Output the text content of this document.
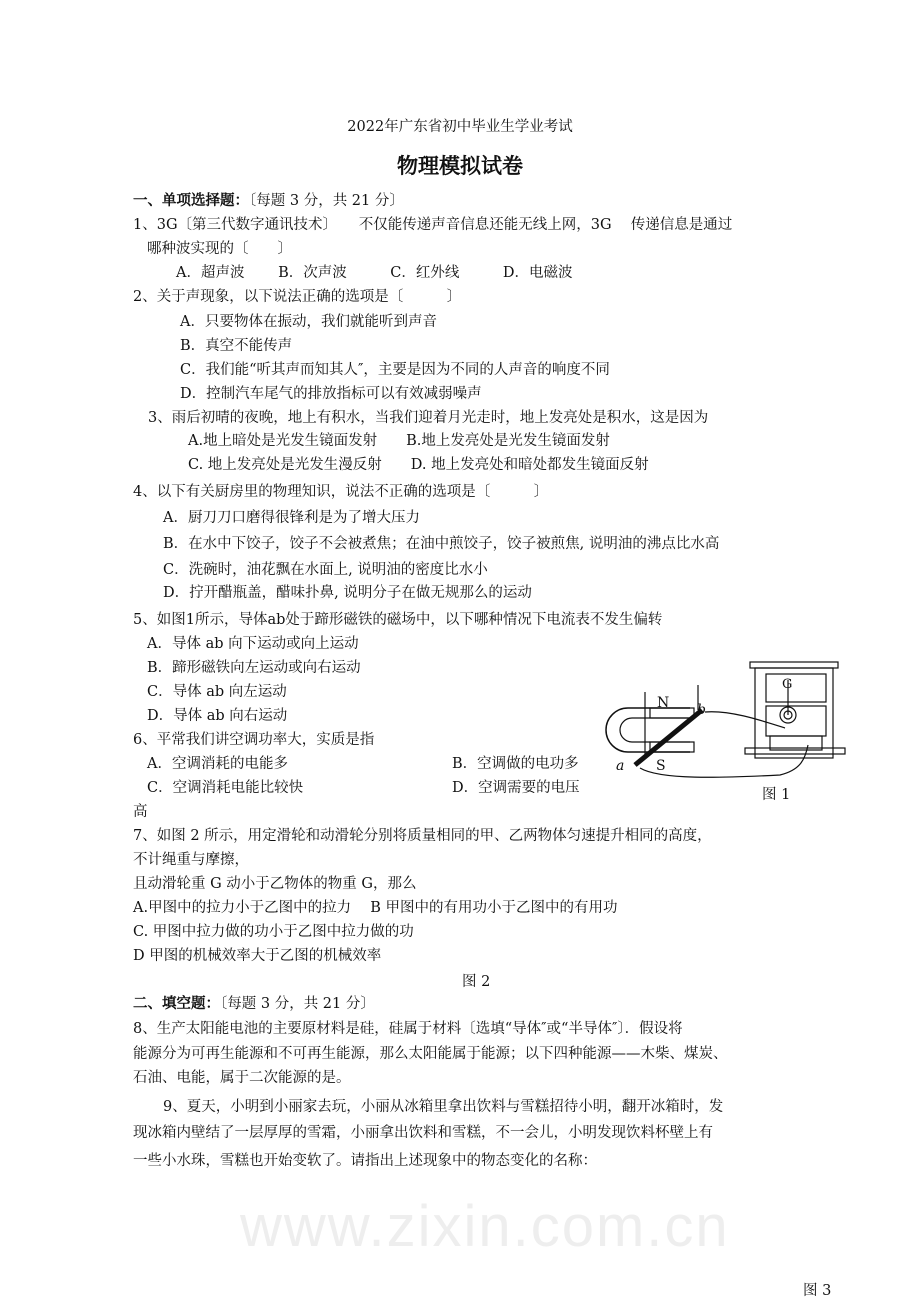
www.zixin.com.cn
2022年广东省初中毕业生学业考试
物理模拟试卷
一、单项选择题：〔每题 3 分，共 21 分〕
1、3G〔第三代数字通讯技术〕　　不仅能传递声音信息还能无线上网，3G　 传递信息是通过
哪种波实现的〔　　〕
A．超声波　　 B．次声波　　　C．红外线　　　D．电磁波
2、关于声现象，以下说法正确的选项是〔　　　〕
A．只要物体在振动，我们就能听到声音
B．真空不能传声
C．我们能“听其声而知其人″，主要是因为不同的人声音的响度不同
D．控制汽车尾气的排放指标可以有效减弱噪声
3、雨后初晴的夜晚，地上有积水，当我们迎着月光走时，地上发亮处是积水，这是因为
A.地上暗处是光发生镜面发射　　B.地上发亮处是光发生镜面发射
C. 地上发亮处是光发生漫反射　　D. 地上发亮处和暗处都发生镜面反射
4、以下有关厨房里的物理知识，说法不正确的选项是〔　　　〕
A．厨刀刀口磨得很锋利是为了增大压力
B．在水中下饺子，饺子不会被煮焦；在油中煎饺子，饺子被煎焦, 说明油的沸点比水高
C．洗碗时，油花飘在水面上, 说明油的密度比水小
D．拧开醋瓶盖，醋味扑鼻, 说明分子在做无规那么的运动
5、如图1所示，导体ab处于蹄形磁铁的磁场中，以下哪种情况下电流表不发生偏转
A．导体 ab 向下运动或向上运动
B．蹄形磁铁向左运动或向右运动
C．导体 ab 向左运动
D．导体 ab 向右运动
N
S
a
b
G
图 1
6、平常我们讲空调功率大，实质是指
A．空调消耗的电能多	B．空调做的电功多
C．空调消耗电能比较快	D．空调需要的电压
高
7、如图 2 所示，用定滑轮和动滑轮分别将质量相同的甲、乙两物体匀速提升相同的高度，
不计绳重与摩擦，
且动滑轮重 G 动小于乙物体的物重 G，那么
A.甲图中的拉力小于乙图中的拉力　 B 甲图中的有用功小于乙图中的有用功
C. 甲图中拉力做的功小于乙图中拉力做的功
D 甲图的机械效率大于乙图的机械效率
图 2
二、填空题：〔每题 3 分，共 21 分〕
8、生产太阳能电池的主要原材料是硅，硅属于材料〔选填“导体″或“半导体″〕．假设将
能源分为可再生能源和不可再生能源，那么太阳能属于能源；以下四种能源——木柴、煤炭、
石油、电能，属于二次能源的是。
9、夏天，小明到小丽家去玩，小丽从冰箱里拿出饮料与雪糕招待小明，翻开冰箱时，发
现冰箱内壁结了一层厚厚的雪霜，小丽拿出饮料和雪糕，不一会儿，小明发现饮料杯壁上有
一些小水珠，雪糕也开始变软了。请指出上述现象中的物态变化的名称：
图 3
